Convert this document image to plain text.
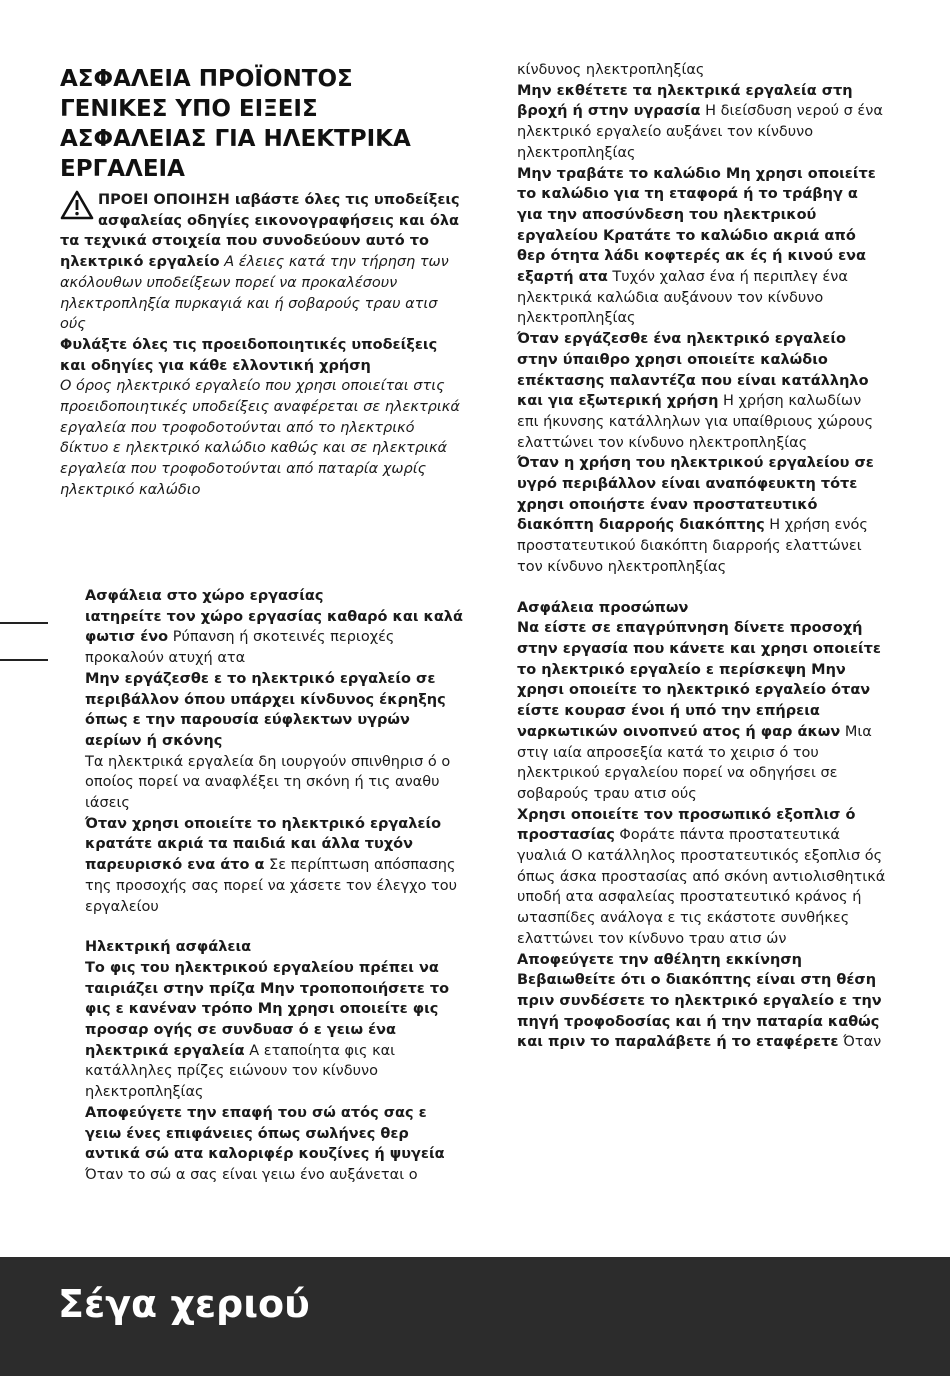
ΑΣΦΑΛΕΙΑ ΠΡΟΪΟΝΤΟΣ
ΓΕΝΙΚΕΣ ΥΠΟ ΕΙΞΕΙΣ
ΑΣΦΑΛΕΙΑΣ ΓΙΑ ΗΛΕΚΤΡΙΚΑ
ΕΡΓΑΛΕΙΑ

ΠΡΟΕΙ ΟΠΟΙΗΣΗ ιαβάστε όλες τις υποδείξεις ασφαλείας οδηγίες εικονογραφήσεις και όλα τα τεχνικά στοιχεία που συνοδεύουν αυτό το ηλεκτρικό εργαλείο Α έλειες κατά την τήρηση των ακόλουθων υποδείξεων πορεί να προκαλέσουν ηλεκτροπληξία πυρκαγιά και ή σοβαρούς τραυ ατισ ούς

Φυλάξτε όλες τις προειδοποιητικές υποδείξεις και οδηγίες για κάθε ελλοντική χρήση

Ο όρος ηλεκτρικό εργαλείο που χρησι οποιείται στις προειδοποιητικές υποδείξεις αναφέρεται σε ηλεκτρικά εργαλεία που τροφοδοτούνται από το ηλεκτρικό δίκτυο ε ηλεκτρικό καλώδιο καθώς και σε ηλεκτρικά εργαλεία που τροφοδοτούνται από παταρία χωρίς ηλεκτρικό καλώδιο

Ασφάλεια στο χώρο εργασίας

ιατηρείτε τον χώρο εργασίας καθαρό και καλά φωτισ ένο Ρύπανση ή σκοτεινές περιοχές προκαλούν ατυχή ατα

Μην εργάζεσθε ε το ηλεκτρικό εργαλείο σε περιβάλλον όπου υπάρχει κίνδυνος έκρηξης όπως ε την παρουσία εύφλεκτων υγρών αερίων ή σκόνης

Τα ηλεκτρικά εργαλεία δη ιουργούν σπινθηρισ ό ο οποίος πορεί να αναφλέξει τη σκόνη ή τις αναθυ ιάσεις

Όταν χρησι οποιείτε το ηλεκτρικό εργαλείο κρατάτε ακριά τα παιδιά και άλλα τυχόν παρευρισκό ενα άτο α Σε περίπτωση απόσπασης της προσοχής σας πορεί να χάσετε τον έλεγχο του εργαλείου

Ηλεκτρική ασφάλεια

Το φις του ηλεκτρικού εργαλείου πρέπει να ταιριάζει στην πρίζα Μην τροποποιήσετε το φις ε κανέναν τρόπο Μη χρησι οποιείτε φις προσαρ ογής σε συνδυασ ό ε γειω ένα ηλεκτρικά εργαλεία Α εταποίητα φις και κατάλληλες πρίζες ειώνουν τον κίνδυνο ηλεκτροπληξίας

Αποφεύγετε την επαφή του σώ ατός σας ε γειω ένες επιφάνειες όπως σωλήνες θερ αντικά σώ ατα καλοριφέρ κουζίνες ή ψυγεία Όταν το σώ α σας είναι γειω ένο αυξάνεται ο

κίνδυνος ηλεκτροπληξίας

Μην εκθέτετε τα ηλεκτρικά εργαλεία στη βροχή ή στην υγρασία Η διείσδυση νερού σ ένα ηλεκτρικό εργαλείο αυξάνει τον κίνδυνο ηλεκτροπληξίας

Μην τραβάτε το καλώδιο Μη χρησι οποιείτε το καλώδιο για τη εταφορά ή το τράβηγ α για την αποσύνδεση του ηλεκτρικού εργαλείου Κρατάτε το καλώδιο ακριά από θερ ότητα λάδι κοφτερές ακ ές ή κινού ενα εξαρτή ατα Τυχόν χαλασ ένα ή περιπλεγ ένα ηλεκτρικά καλώδια αυξάνουν τον κίνδυνο ηλεκτροπληξίας

Όταν εργάζεσθε ένα ηλεκτρικό εργαλείο στην ύπαιθρο χρησι οποιείτε καλώδιο επέκτασης παλαντέζα που είναι κατάλληλο και για εξωτερική χρήση Η χρήση καλωδίων επι ήκυνσης κατάλληλων για υπαίθριους χώρους ελαττώνει τον κίνδυνο ηλεκτροπληξίας

Όταν η χρήση του ηλεκτρικού εργαλείου σε υγρό περιβάλλον είναι αναπόφευκτη τότε χρησι οποιήστε έναν προστατευτικό διακόπτη διαρροής διακόπτης Η χρήση ενός προστατευτικού διακόπτη διαρροής ελαττώνει τον κίνδυνο ηλεκτροπληξίας

Ασφάλεια προσώπων

Να είστε σε επαγρύπνηση δίνετε προσοχή στην εργασία που κάνετε και χρησι οποιείτε το ηλεκτρικό εργαλείο ε περίσκεψη Μην χρησι οποιείτε το ηλεκτρικό εργαλείο όταν είστε κουρασ ένοι ή υπό την επήρεια ναρκωτικών οινοπνεύ ατος ή φαρ άκων Μια στιγ ιαία απροσεξία κατά το χειρισ ό του ηλεκτρικού εργαλείου πορεί να οδηγήσει σε σοβαρούς τραυ ατισ ούς

Χρησι οποιείτε τον προσωπικό εξοπλισ ό προστασίας Φοράτε πάντα προστατευτικά γυαλιά Ο κατάλληλος προστατευτικός εξοπλισ ός όπως άσκα προστασίας από σκόνη αντιολισθητικά υποδή ατα ασφαλείας προστατευτικό κράνος ή ωτασπίδες ανάλογα ε τις εκάστοτε συνθήκες ελαττώνει τον κίνδυνο τραυ ατισ ών

Αποφεύγετε την αθέλητη εκκίνηση Βεβαιωθείτε ότι ο διακόπτης είναι στη θέση πριν συνδέσετε το ηλεκτρικό εργαλείο ε την πηγή τροφοδοσίας και ή την παταρία καθώς και πριν το παραλάβετε ή το εταφέρετε Όταν

Σέγα χεριού
